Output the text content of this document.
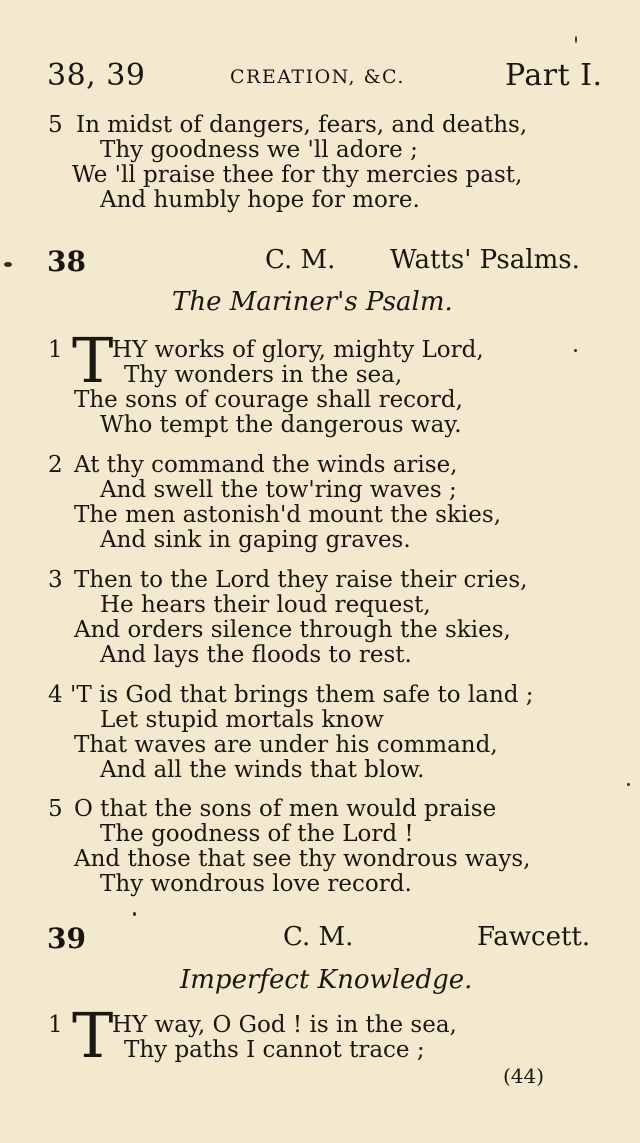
38, 39	CREATION, &C.	Part I.
5 In midst of dangers, fears, and deaths,
Thy goodness we 'll adore ;
We 'll praise thee for thy mercies past,
And humbly hope for more.
38	C. M. Watts' Psalms.
The Mariner's Psalm.
1 T
HY works of glory, mighty Lord,
Thy wonders in the sea,
The sons of courage shall record,
Who tempt the dangerous way.
2 At thy command the winds arise,
And swell the tow'ring waves ;
The men astonish'd mount the skies,
And sink in gaping graves.
3 Then to the Lord they raise their cries,
He hears their loud request,
And orders silence through the skies,
And lays the floods to rest.
4 'T is God that brings them safe to land ;
Let stupid mortals know
That waves are under his command,
And all the winds that blow.
5 O that the sons of men would praise
The goodness of the Lord !
And those that see thy wondrous ways,
Thy wondrous love record.
39	C. M.	Fawcett.
Imperfect Knowledge.
1 T
HY way, O God ! is in the sea,
Thy paths I cannot trace ;
(44)
